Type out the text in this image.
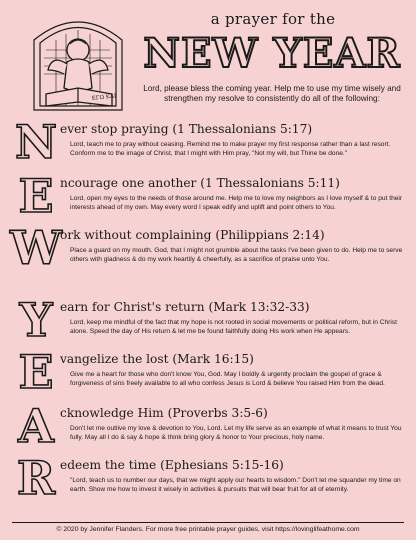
ΕΓΩ ΚΑΙ
a prayer for the
NEW YEAR
Lord, please bless the coming year. Help me to use my time wisely and strengthen my resolve to consistently do all of the following:
N ever stop praying (1 Thessalonians 5:17)
Lord, teach me to pray without ceasing. Remind me to make prayer my first response rather than a last resort. Conform me to the image of Christ, that I might with Him pray, "Not my will, but Thine be done."
E ncourage one another (1 Thessalonians 5:11)
Lord, open my eyes to the needs of those around me. Help me to love my neighbors as I love myself & to put their interests ahead of my own. May every word I speak edify and uplift and point others to You.
W
ork without complaining (Philippians 2:14)
Place a guard on my mouth. God, that I might not grumble about the tasks I've been given to do. Help me to serve others with gladness & do my work heartily & cheerfully, as a sacrifice of praise unto You.
Y earn for Christ's return (Mark 13:32-33)
Lord, keep me mindful of the fact that my hope is not rooted in social movements or political reform, but in Christ alone. Speed the day of His return & let me be found faithfully doing His work when He appears.
E vangelize the lost (Mark 16:15)
Give me a heart for those who don't know You, God. May I boldly & urgently proclaim the gospel of grace & forgiveness of sins freely available to all who confess Jesus is Lord & believe You raised Him from the dead.
A cknowledge Him (Proverbs 3:5-6)
Don't let me outlive my love & devotion to You, Lord. Let my life serve as an example of what it means to trust You fully. May all I do & say & hope & think bring glory & honor to Your precious, holy name.
R edeem the time (Ephesians 5:15-16)
"Lord, teach us to number our days, that we might apply our hearts to wisdom." Don't let me squander my time on earth. Show me how to invest it wisely in activities & pursuits that will bear fruit for all of eternity.
© 2020 by Jennifer Flanders. For more free printable prayer guides, visit https://lovinglifeathome.com
